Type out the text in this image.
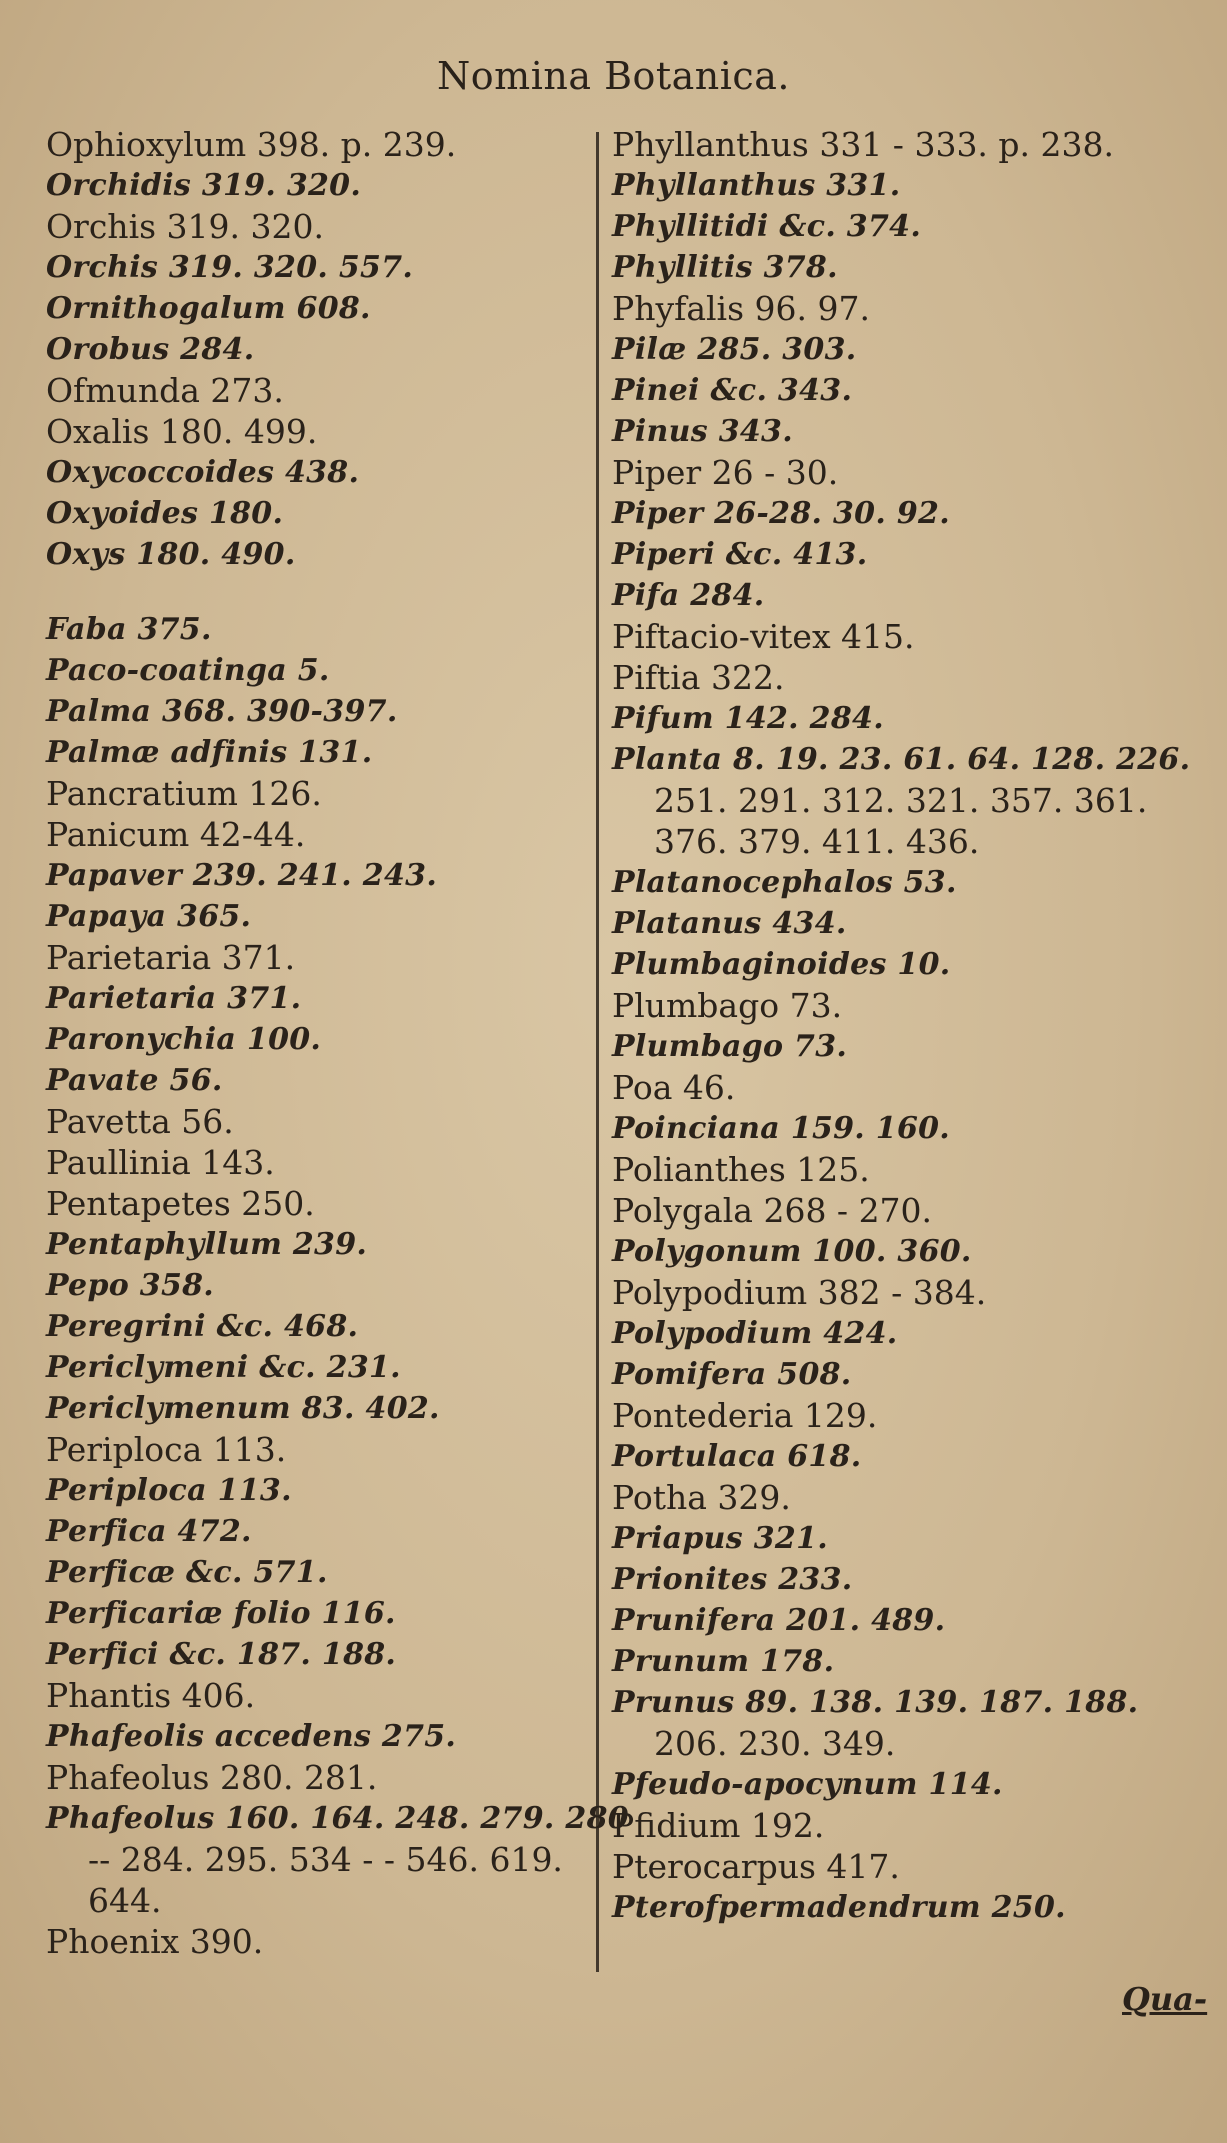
Nomina Botanica.
Ophioxylum 398. p. 239.
Orchidis 319. 320.
Orchis 319. 320.
Orchis 319. 320. 557.
Ornithogalum 608.
Orobus 284.
Ofmunda 273.
Oxalis 180. 499.
Oxycoccoides 438.
Oxyoides 180.
Oxys 180. 490.
Faba 375.
Paco-coatinga 5.
Palma 368. 390-397.
Palmæ adfinis 131.
Pancratium 126.
Panicum 42-44.
Papaver 239. 241. 243.
Papaya 365.
Parietaria 371.
Parietaria 371.
Paronychia 100.
Pavate 56.
Pavetta 56.
Paullinia 143.
Pentapetes 250.
Pentaphyllum 239.
Pepo 358.
Peregrini &c. 468.
Periclymeni &c. 231.
Periclymenum 83. 402.
Periploca 113.
Periploca 113.
Perfica 472.
Perficæ &c. 571.
Perficariæ folio 116.
Perfici &c. 187. 188.
Phantis 406.
Phafeolis accedens 275.
Phafeolus 280. 281.
Phafeolus 160. 164. 248. 279. 280
-- 284. 295. 534 - - 546. 619.
644.
Phoenix 390.
Phyllanthus 331 - 333. p. 238.
Phyllanthus 331.
Phyllitidi &c. 374.
Phyllitis 378.
Phyfalis 96. 97.
Pilæ 285. 303.
Pinei &c. 343.
Pinus 343.
Piper 26 - 30.
Piper 26-28. 30. 92.
Piperi &c. 413.
Pifa 284.
Piftacio-vitex 415.
Piftia 322.
Pifum 142. 284.
Planta 8. 19. 23. 61. 64. 128. 226.
251. 291. 312. 321. 357. 361.
376. 379. 411. 436.
Platanocephalos 53.
Platanus 434.
Plumbaginoides 10.
Plumbago 73.
Plumbago 73.
Poa 46.
Poinciana 159. 160.
Polianthes 125.
Polygala 268 - 270.
Polygonum 100. 360.
Polypodium 382 - 384.
Polypodium 424.
Pomifera 508.
Pontederia 129.
Portulaca 618.
Potha 329.
Priapus 321.
Prionites 233.
Prunifera 201. 489.
Prunum 178.
Prunus 89. 138. 139. 187. 188.
206. 230. 349.
Pfeudo-apocynum 114.
Pfidium 192.
Pterocarpus 417.
Pterofpermadendrum 250.
Qua-
